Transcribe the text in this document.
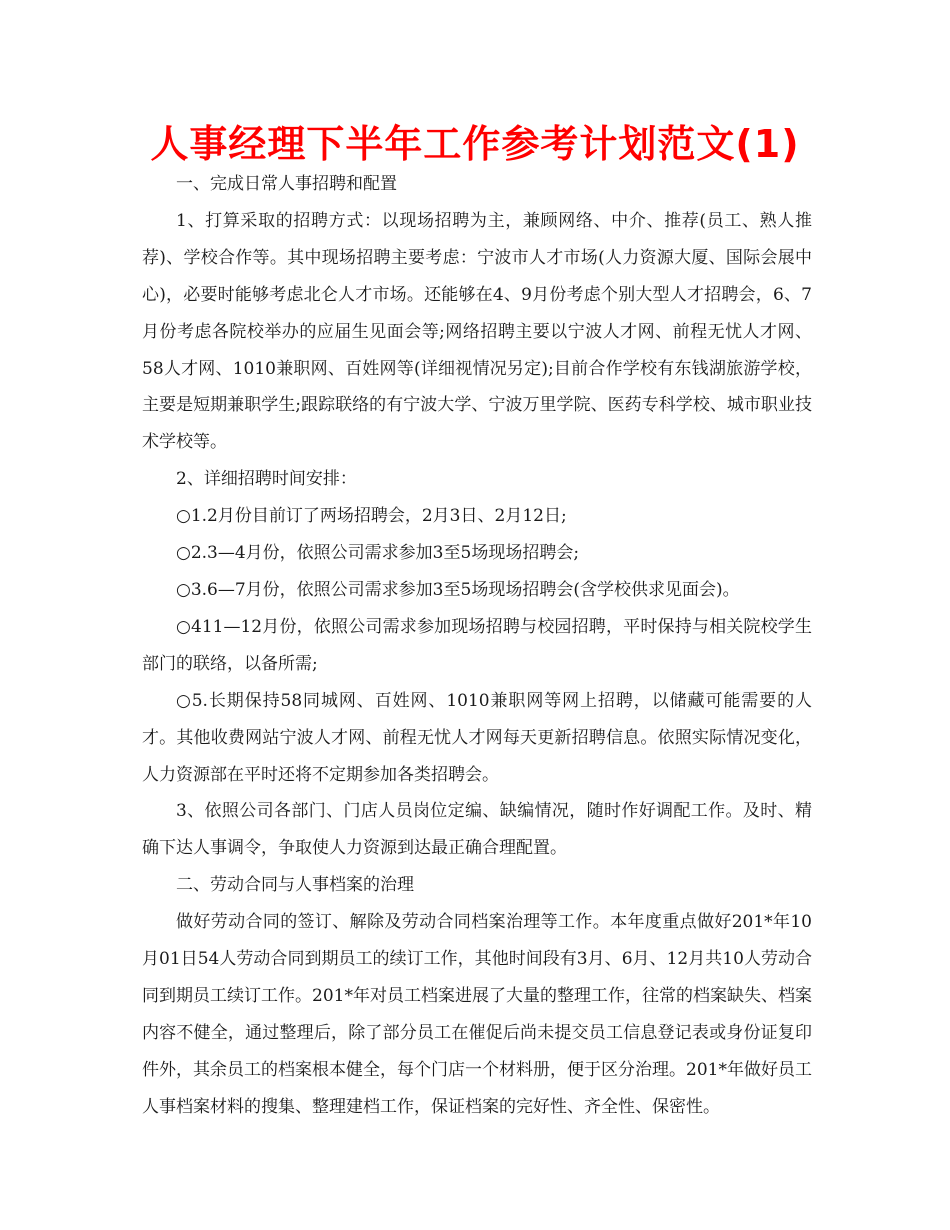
人事经理下半年工作参考计划范文(1)

一、完成日常人事招聘和配置

1、打算采取的招聘方式：以现场招聘为主，兼顾网络、中介、推荐(员工、熟人推荐)、学校合作等。其中现场招聘主要考虑：宁波市人才市场(人力资源大厦、国际会展中心)，必要时能够考虑北仑人才市场。还能够在4、9月份考虑个别大型人才招聘会，6、7月份考虑各院校举办的应届生见面会等;网络招聘主要以宁波人才网、前程无忧人才网、58人才网、1010兼职网、百姓网等(详细视情况另定);目前合作学校有东钱湖旅游学校，主要是短期兼职学生;跟踪联络的有宁波大学、宁波万里学院、医药专科学校、城市职业技术学校等。

2、详细招聘时间安排：

○1.2月份目前订了两场招聘会，2月3日、2月12日;

○2.3—4月份，依照公司需求参加3至5场现场招聘会;

○3.6—7月份，依照公司需求参加3至5场现场招聘会(含学校供求见面会)。

○411—12月份，依照公司需求参加现场招聘与校园招聘，平时保持与相关院校学生部门的联络，以备所需;

○5.长期保持58同城网、百姓网、1010兼职网等网上招聘，以储藏可能需要的人才。其他收费网站宁波人才网、前程无忧人才网每天更新招聘信息。依照实际情况变化，人力资源部在平时还将不定期参加各类招聘会。

3、依照公司各部门、门店人员岗位定编、缺编情况，随时作好调配工作。及时、精确下达人事调令，争取使人力资源到达最正确合理配置。

二、劳动合同与人事档案的治理

做好劳动合同的签订、解除及劳动合同档案治理等工作。本年度重点做好201*年10月01日54人劳动合同到期员工的续订工作，其他时间段有3月、6月、12月共10人劳动合同到期员工续订工作。201*年对员工档案进展了大量的整理工作，往常的档案缺失、档案内容不健全，通过整理后，除了部分员工在催促后尚未提交员工信息登记表或身份证复印件外，其余员工的档案根本健全，每个门店一个材料册，便于区分治理。201*年做好员工人事档案材料的搜集、整理建档工作，保证档案的完好性、齐全性、保密性。
